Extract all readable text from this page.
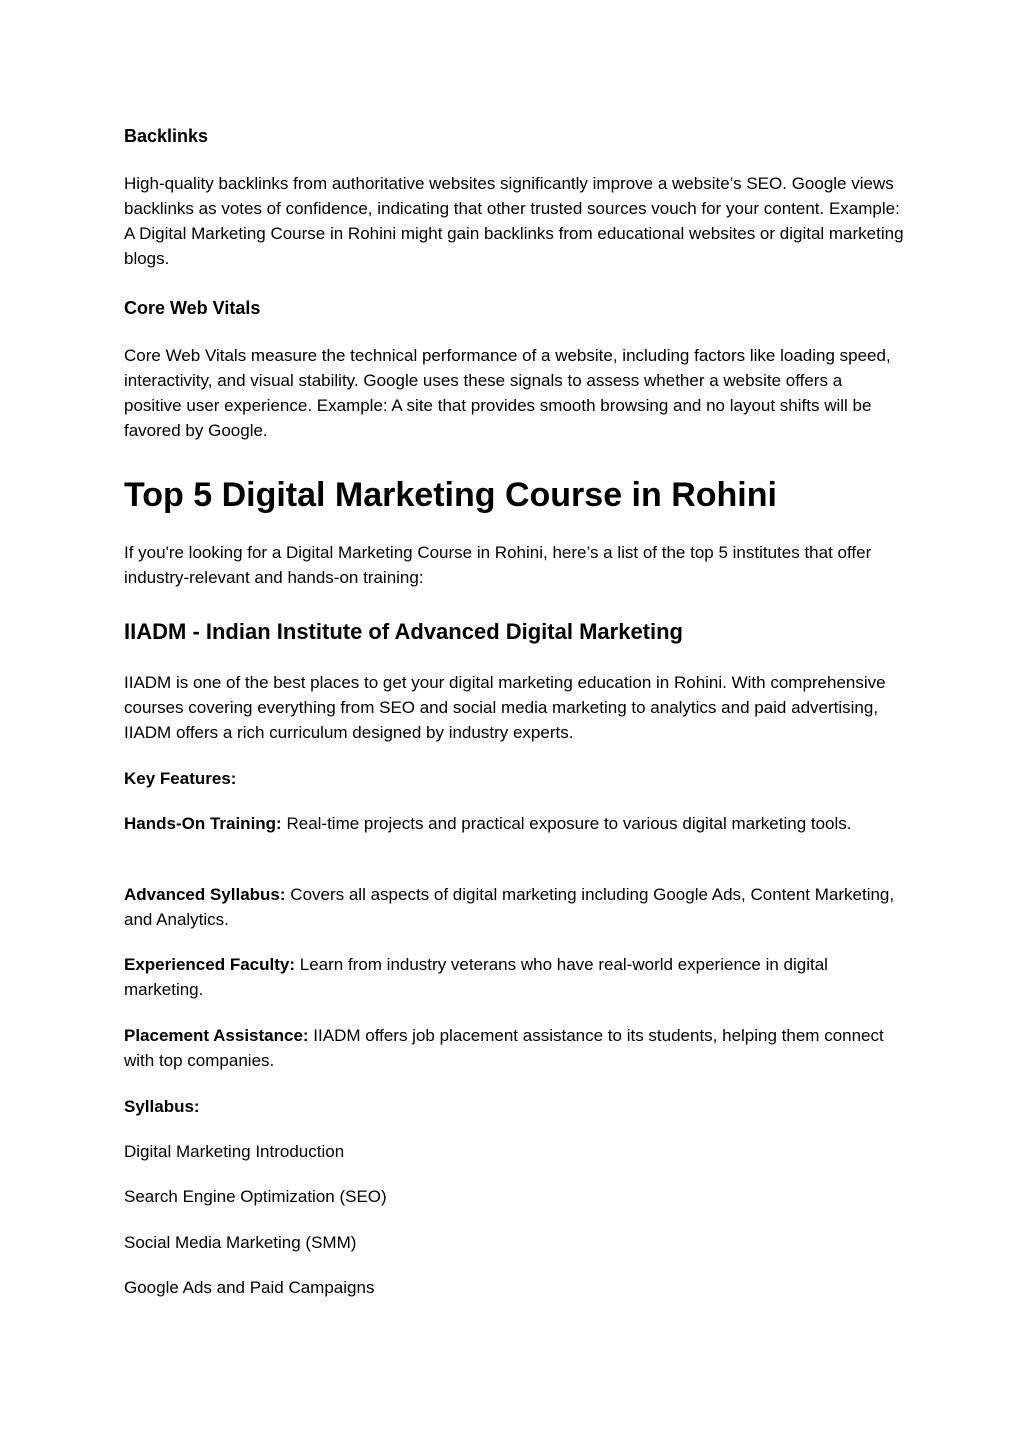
Backlinks

High-quality backlinks from authoritative websites significantly improve a website’s SEO. Google views backlinks as votes of confidence, indicating that other trusted sources vouch for your content. Example: A Digital Marketing Course in Rohini might gain backlinks from educational websites or digital marketing blogs.

Core Web Vitals

Core Web Vitals measure the technical performance of a website, including factors like loading speed, interactivity, and visual stability. Google uses these signals to assess whether a website offers a positive user experience. Example: A site that provides smooth browsing and no layout shifts will be favored by Google.

Top 5 Digital Marketing Course in Rohini

If you're looking for a Digital Marketing Course in Rohini, here’s a list of the top 5 institutes that offer industry-relevant and hands-on training:

IIADM - Indian Institute of Advanced Digital Marketing

IIADM is one of the best places to get your digital marketing education in Rohini. With comprehensive courses covering everything from SEO and social media marketing to analytics and paid advertising, IIADM offers a rich curriculum designed by industry experts.

Key Features:

Hands-On Training: Real-time projects and practical exposure to various digital marketing tools.

Advanced Syllabus: Covers all aspects of digital marketing including Google Ads, Content Marketing, and Analytics.

Experienced Faculty: Learn from industry veterans who have real-world experience in digital marketing.

Placement Assistance: IIADM offers job placement assistance to its students, helping them connect with top companies.

Syllabus:

Digital Marketing Introduction

Search Engine Optimization (SEO)

Social Media Marketing (SMM)

Google Ads and Paid Campaigns
